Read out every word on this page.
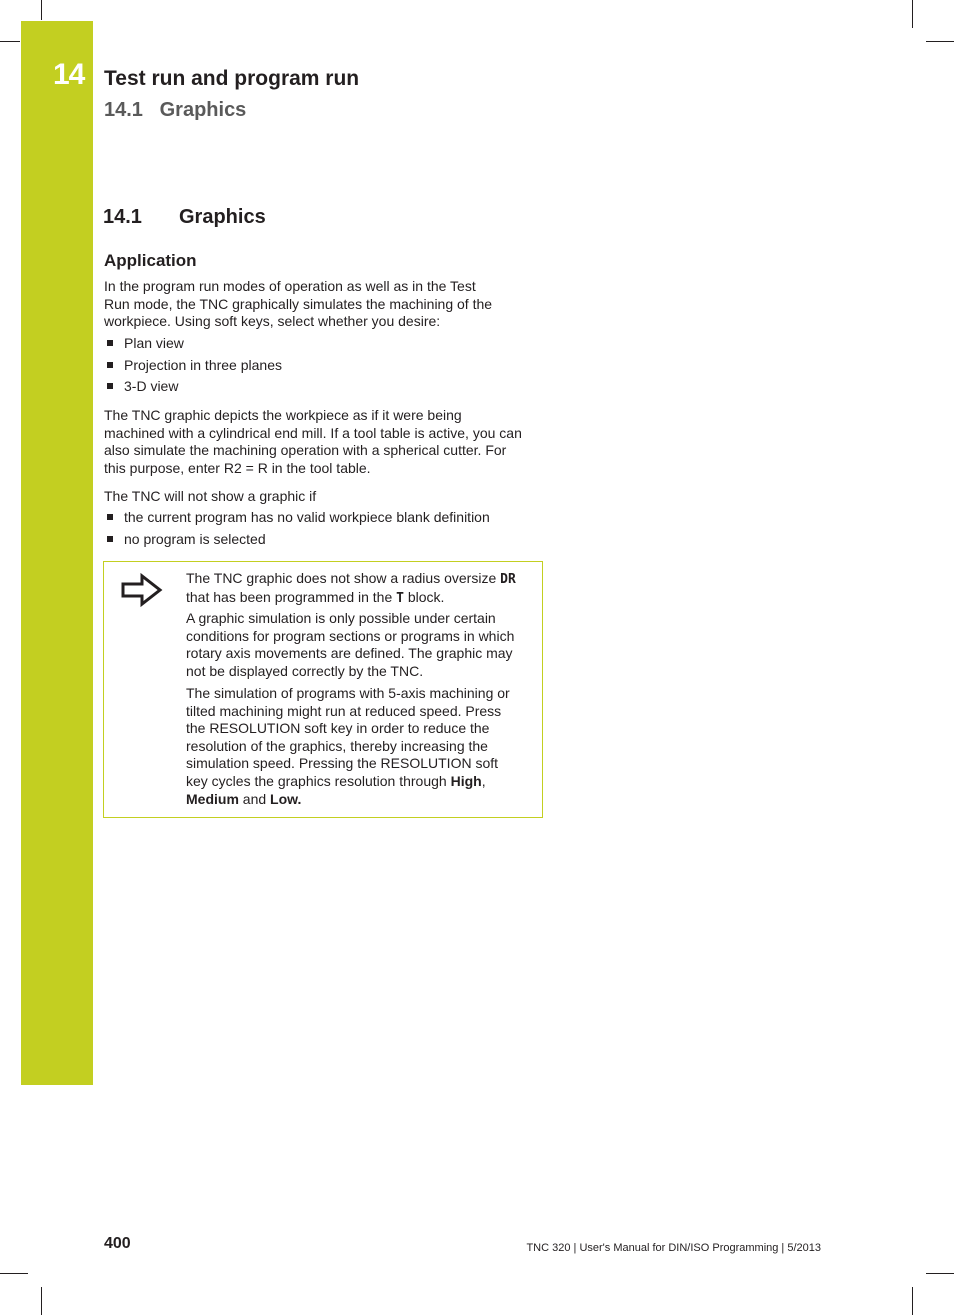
14 Test run and program run
14.1 Graphics
14.1 Graphics
Application
In the program run modes of operation as well as in the Test
Run mode, the TNC graphically simulates the machining of the
workpiece. Using soft keys, select whether you desire:
Plan view
Projection in three planes
3-D view
The TNC graphic depicts the workpiece as if it were being
machined with a cylindrical end mill. If a tool table is active, you can
also simulate the machining operation with a spherical cutter. For
this purpose, enter R2 = R in the tool table.
The TNC will not show a graphic if
the current program has no valid workpiece blank definition
no program is selected
The TNC graphic does not show a radius oversize DR
that has been programmed in the T block.
A graphic simulation is only possible under certain
conditions for program sections or programs in which
rotary axis movements are defined. The graphic may
not be displayed correctly by the TNC.
The simulation of programs with 5-axis machining or
tilted machining might run at reduced speed. Press
the RESOLUTION soft key in order to reduce the
resolution of the graphics, thereby increasing the
simulation speed. Pressing the RESOLUTION soft
key cycles the graphics resolution through High,
Medium and Low.
400	TNC 320 | User's Manual for DIN/ISO Programming | 5/2013
